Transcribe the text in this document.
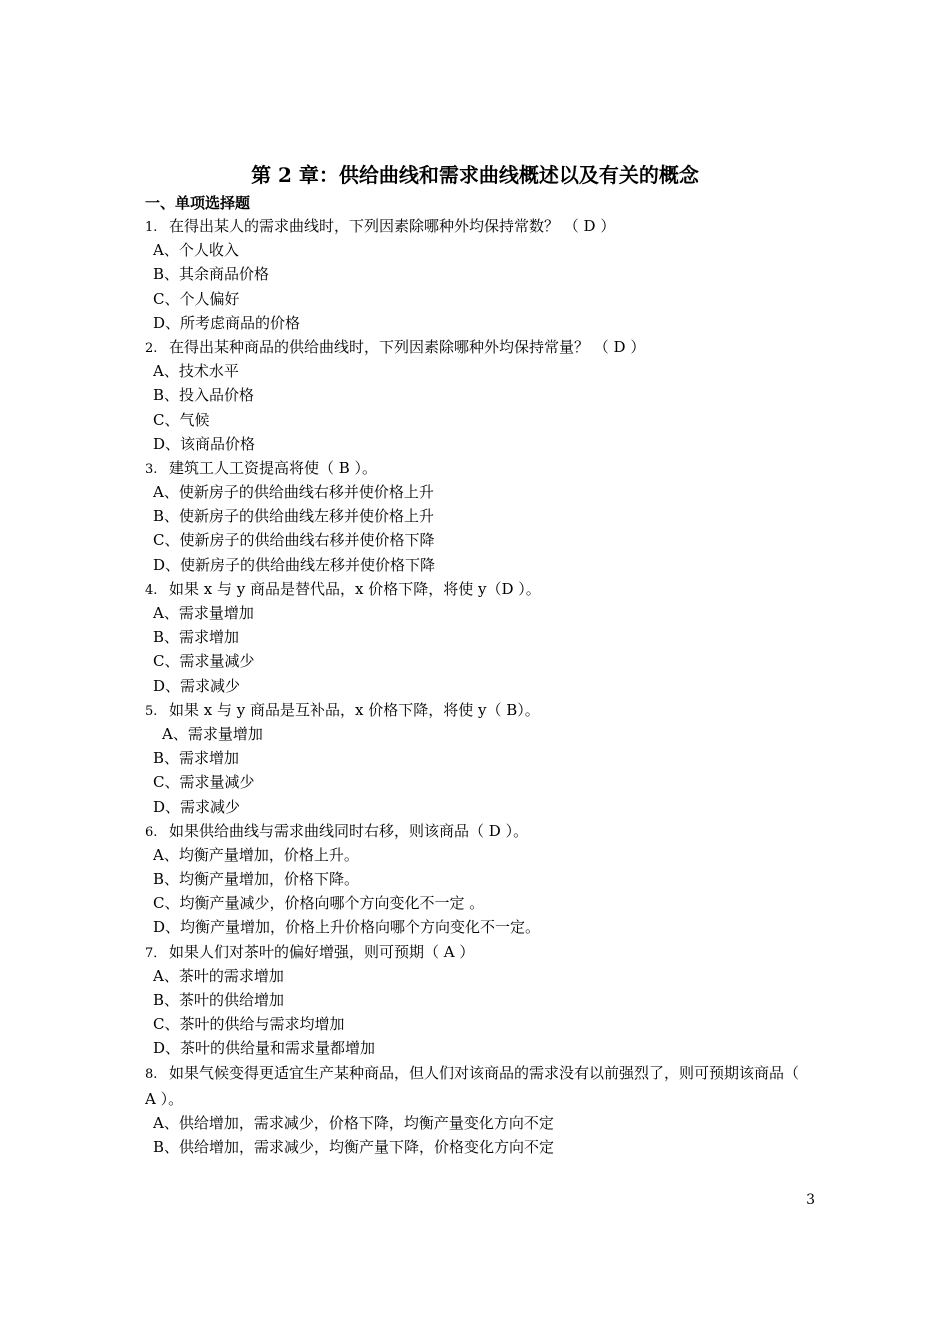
第 2 章：供给曲线和需求曲线概述以及有关的概念
一、单项选择题
1. 在得出某人的需求曲线时，下列因素除哪种外均保持常数？ （ D ）
A、个人收入
B、其余商品价格
C、个人偏好
D、所考虑商品的价格
2. 在得出某种商品的供给曲线时，下列因素除哪种外均保持常量？ （ D ）
A、技术水平
B、投入品价格
C、气候
D、该商品价格
3. 建筑工人工资提高将使（ B ）。
A、使新房子的供给曲线右移并使价格上升
B、使新房子的供给曲线左移并使价格上升
C、使新房子的供给曲线右移并使价格下降
D、使新房子的供给曲线左移并使价格下降
4. 如果 x 与 y 商品是替代品，x 价格下降，将使 y（D ）。
A、需求量增加
B、需求增加
C、需求量减少
D、需求减少
5. 如果 x 与 y 商品是互补品，x 价格下降，将使 y（ B）。
A、需求量增加
B、需求增加
C、需求量减少
D、需求减少
6. 如果供给曲线与需求曲线同时右移，则该商品（ D ）。
A、均衡产量增加，价格上升。
B、均衡产量增加，价格下降。
C、均衡产量减少，价格向哪个方向变化不一定 。
D、均衡产量增加，价格上升价格向哪个方向变化不一定。
7． 如果人们对茶叶的偏好增强，则可预期（ A ）
A、茶叶的需求增加
B、茶叶的供给增加
C、茶叶的供给与需求均增加
D、茶叶的供给量和需求量都增加
8. 如果气候变得更适宜生产某种商品，但人们对该商品的需求没有以前强烈了，则可预期该商品（ A ）。
A、供给增加，需求减少，价格下降，均衡产量变化方向不定
B、供给增加，需求减少，均衡产量下降，价格变化方向不定
3
